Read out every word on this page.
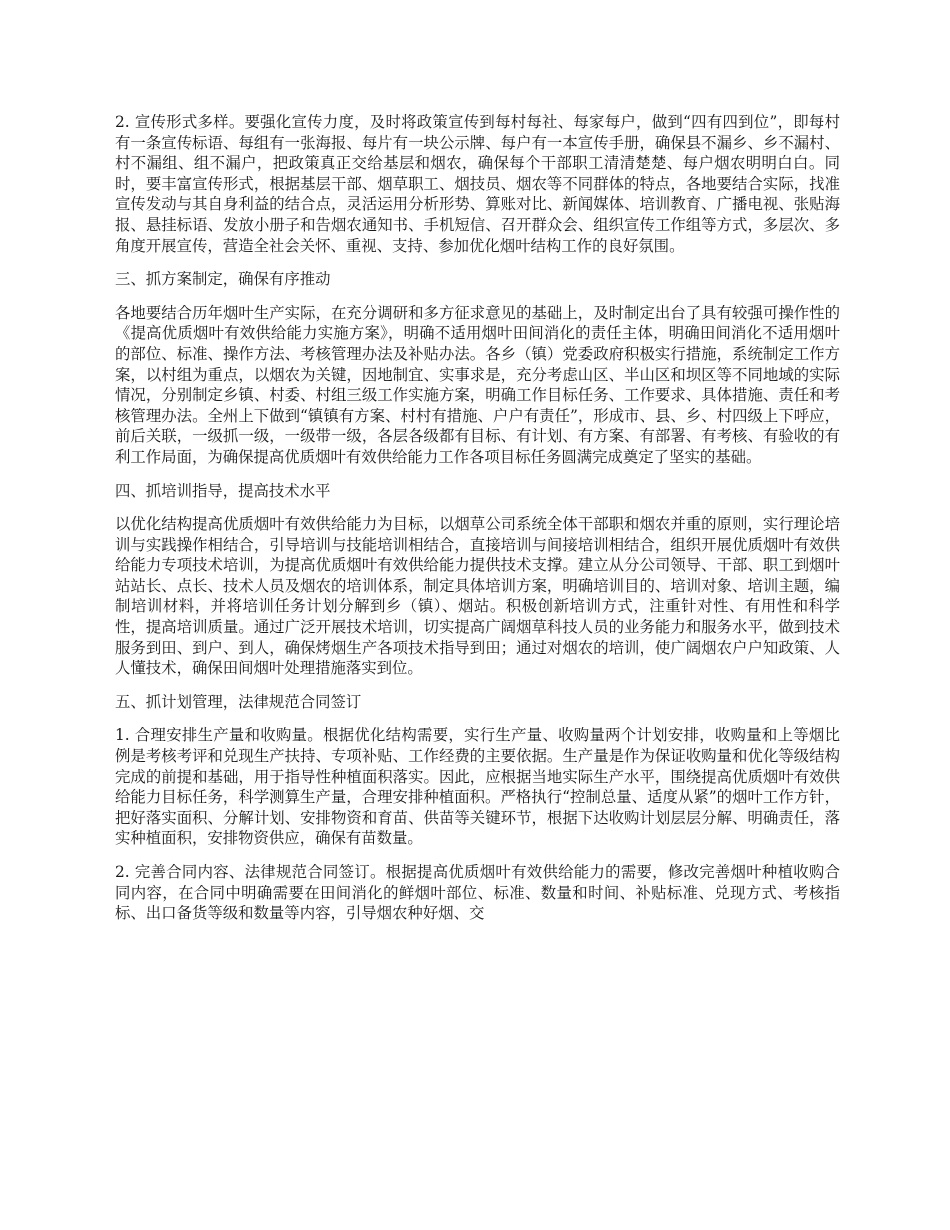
2. 宣传形式多样。要强化宣传力度，及时将政策宣传到每村每社、每家每户，做到“四有四到位”，即每村有一条宣传标语、每组有一张海报、每片有一块公示牌、每户有一本宣传手册，确保县不漏乡、乡不漏村、村不漏组、组不漏户，把政策真正交给基层和烟农，确保每个干部职工清清楚楚、每户烟农明明白白。同时，要丰富宣传形式，根据基层干部、烟草职工、烟技员、烟农等不同群体的特点，各地要结合实际，找准宣传发动与其自身利益的结合点，灵活运用分析形势、算账对比、新闻媒体、培训教育、广播电视、张贴海报、悬挂标语、发放小册子和告烟农通知书、手机短信、召开群众会、组织宣传工作组等方式，多层次、多角度开展宣传，营造全社会关怀、重视、支持、参加优化烟叶结构工作的良好氛围。

三、抓方案制定，确保有序推动

各地要结合历年烟叶生产实际，在充分调研和多方征求意见的基础上，及时制定出台了具有较强可操作性的《提高优质烟叶有效供给能力实施方案》，明确不适用烟叶田间消化的责任主体，明确田间消化不适用烟叶的部位、标准、操作方法、考核管理办法及补贴办法。各乡（镇）党委政府积极实行措施，系统制定工作方案，以村组为重点，以烟农为关键，因地制宜、实事求是，充分考虑山区、半山区和坝区等不同地域的实际情况，分别制定乡镇、村委、村组三级工作实施方案，明确工作目标任务、工作要求、具体措施、责任和考核管理办法。全州上下做到“镇镇有方案、村村有措施、户户有责任”，形成市、县、乡、村四级上下呼应，前后关联，一级抓一级，一级带一级，各层各级都有目标、有计划、有方案、有部署、有考核、有验收的有利工作局面，为确保提高优质烟叶有效供给能力工作各项目标任务圆满完成奠定了坚实的基础。

四、抓培训指导，提高技术水平

以优化结构提高优质烟叶有效供给能力为目标，以烟草公司系统全体干部职和烟农并重的原则，实行理论培训与实践操作相结合，引导培训与技能培训相结合，直接培训与间接培训相结合，组织开展优质烟叶有效供给能力专项技术培训，为提高优质烟叶有效供给能力提供技术支撑。建立从分公司领导、干部、职工到烟叶站站长、点长、技术人员及烟农的培训体系，制定具体培训方案，明确培训目的、培训对象、培训主题，编制培训材料，并将培训任务计划分解到乡（镇）、烟站。积极创新培训方式，注重针对性、有用性和科学性，提高培训质量。通过广泛开展技术培训，切实提高广阔烟草科技人员的业务能力和服务水平，做到技术服务到田、到户、到人，确保烤烟生产各项技术指导到田；通过对烟农的培训，使广阔烟农户户知政策、人人懂技术，确保田间烟叶处理措施落实到位。

五、抓计划管理，法律规范合同签订

1. 合理安排生产量和收购量。根据优化结构需要，实行生产量、收购量两个计划安排，收购量和上等烟比例是考核考评和兑现生产扶持、专项补贴、工作经费的主要依据。生产量是作为保证收购量和优化等级结构完成的前提和基础，用于指导性种植面积落实。因此，应根据当地实际生产水平，围绕提高优质烟叶有效供给能力目标任务，科学测算生产量，合理安排种植面积。严格执行“控制总量、适度从紧”的烟叶工作方针，把好落实面积、分解计划、安排物资和育苗、供苗等关键环节，根据下达收购计划层层分解、明确责任，落实种植面积，安排物资供应，确保有苗数量。

2. 完善合同内容、法律规范合同签订。根据提高优质烟叶有效供给能力的需要，修改完善烟叶种植收购合同内容，在合同中明确需要在田间消化的鲜烟叶部位、标准、数量和时间、补贴标准、兑现方式、考核指标、出口备货等级和数量等内容，引导烟农种好烟、交
